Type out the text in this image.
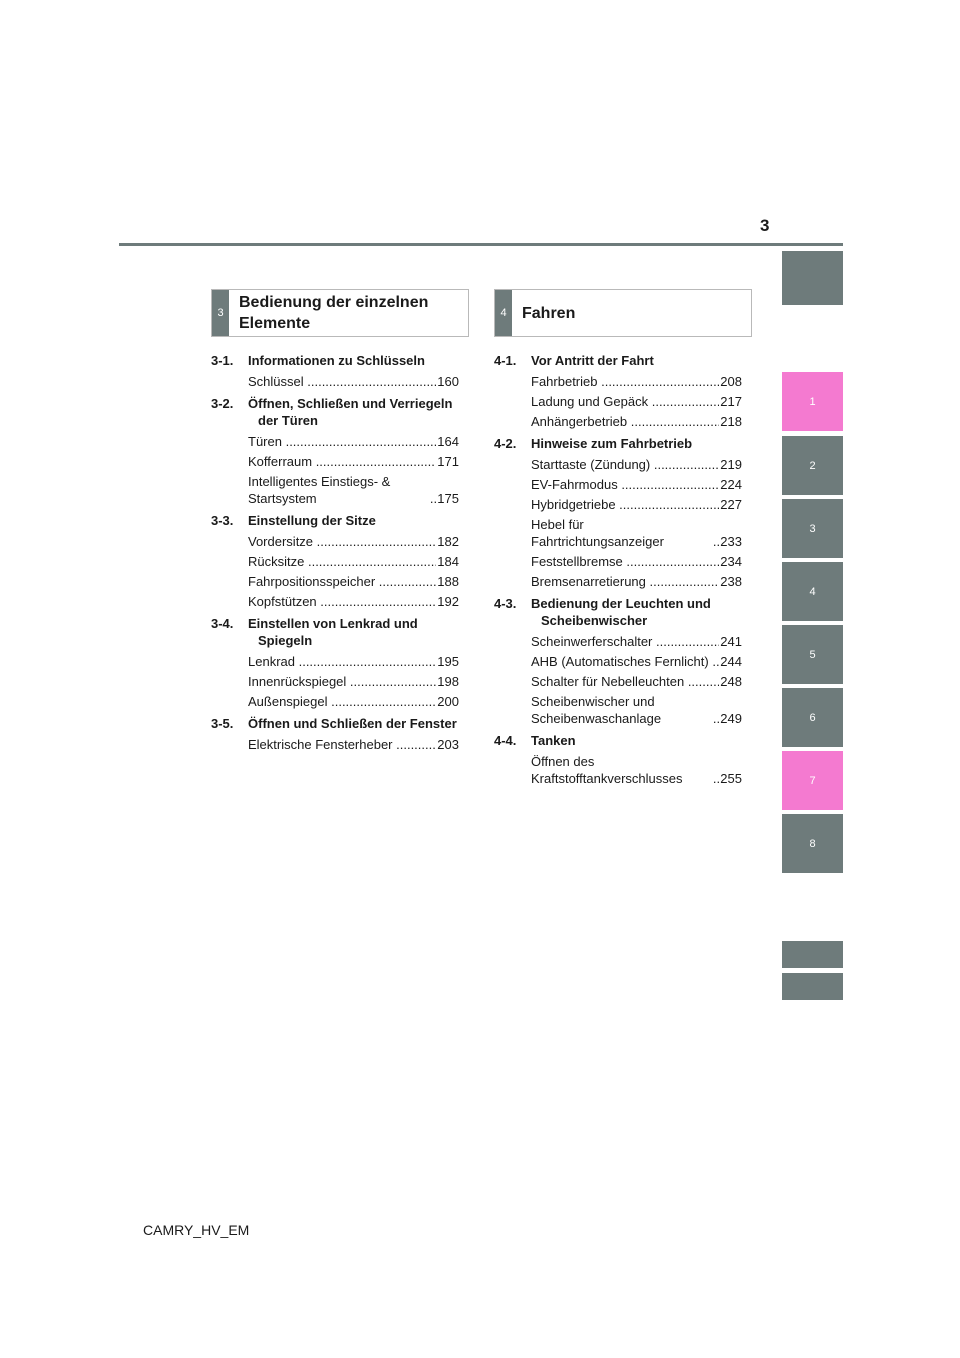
3
1
2
3
4
5
6
7
8
3
Bedienung der einzelnen Elemente
4 Fahren
3-1.	Informationen zu Schlüsseln
Schlüssel .....	160
3-2.	Öffnen, Schließen und Verriegeln der Türen
Türen .....	164
Kofferraum .....	171
Intelligentes Einstiegs- & Startsystem .....	175
3-3.	Einstellung der Sitze
Vordersitze .....	182
Rücksitze .....	184
Fahrpositionsspeicher .....	188
Kopfstützen .....	192
3-4.	Einstellen von Lenkrad und Spiegeln
Lenkrad .....	195
Innenrückspiegel .....	198
Außenspiegel .....	200
3-5.	Öffnen und Schließen der Fenster
Elektrische Fensterheber .....	203
4-1.	Vor Antritt der Fahrt
Fahrbetrieb .....	208
Ladung und Gepäck .....	217
Anhängerbetrieb .....	218
4-2.	Hinweise zum Fahrbetrieb
Starttaste (Zündung) .....	219
EV-Fahrmodus .....	224
Hybridgetriebe .....	227
Hebel für Fahrtrichtungsanzeiger .....	233
Feststellbremse .....	234
Bremsenarretierung .....	238
4-3.	Bedienung der Leuchten und Scheibenwischer
Scheinwerferschalter .....	241
AHB (Automatisches Fernlicht) ..... 244
Schalter für Nebelleuchten .....	248
Scheibenwischer und Scheibenwaschanlage .....	249
4-4.	Tanken
Öffnen des Kraftstofftankverschlusses .....	255
CAMRY_HV_EM
